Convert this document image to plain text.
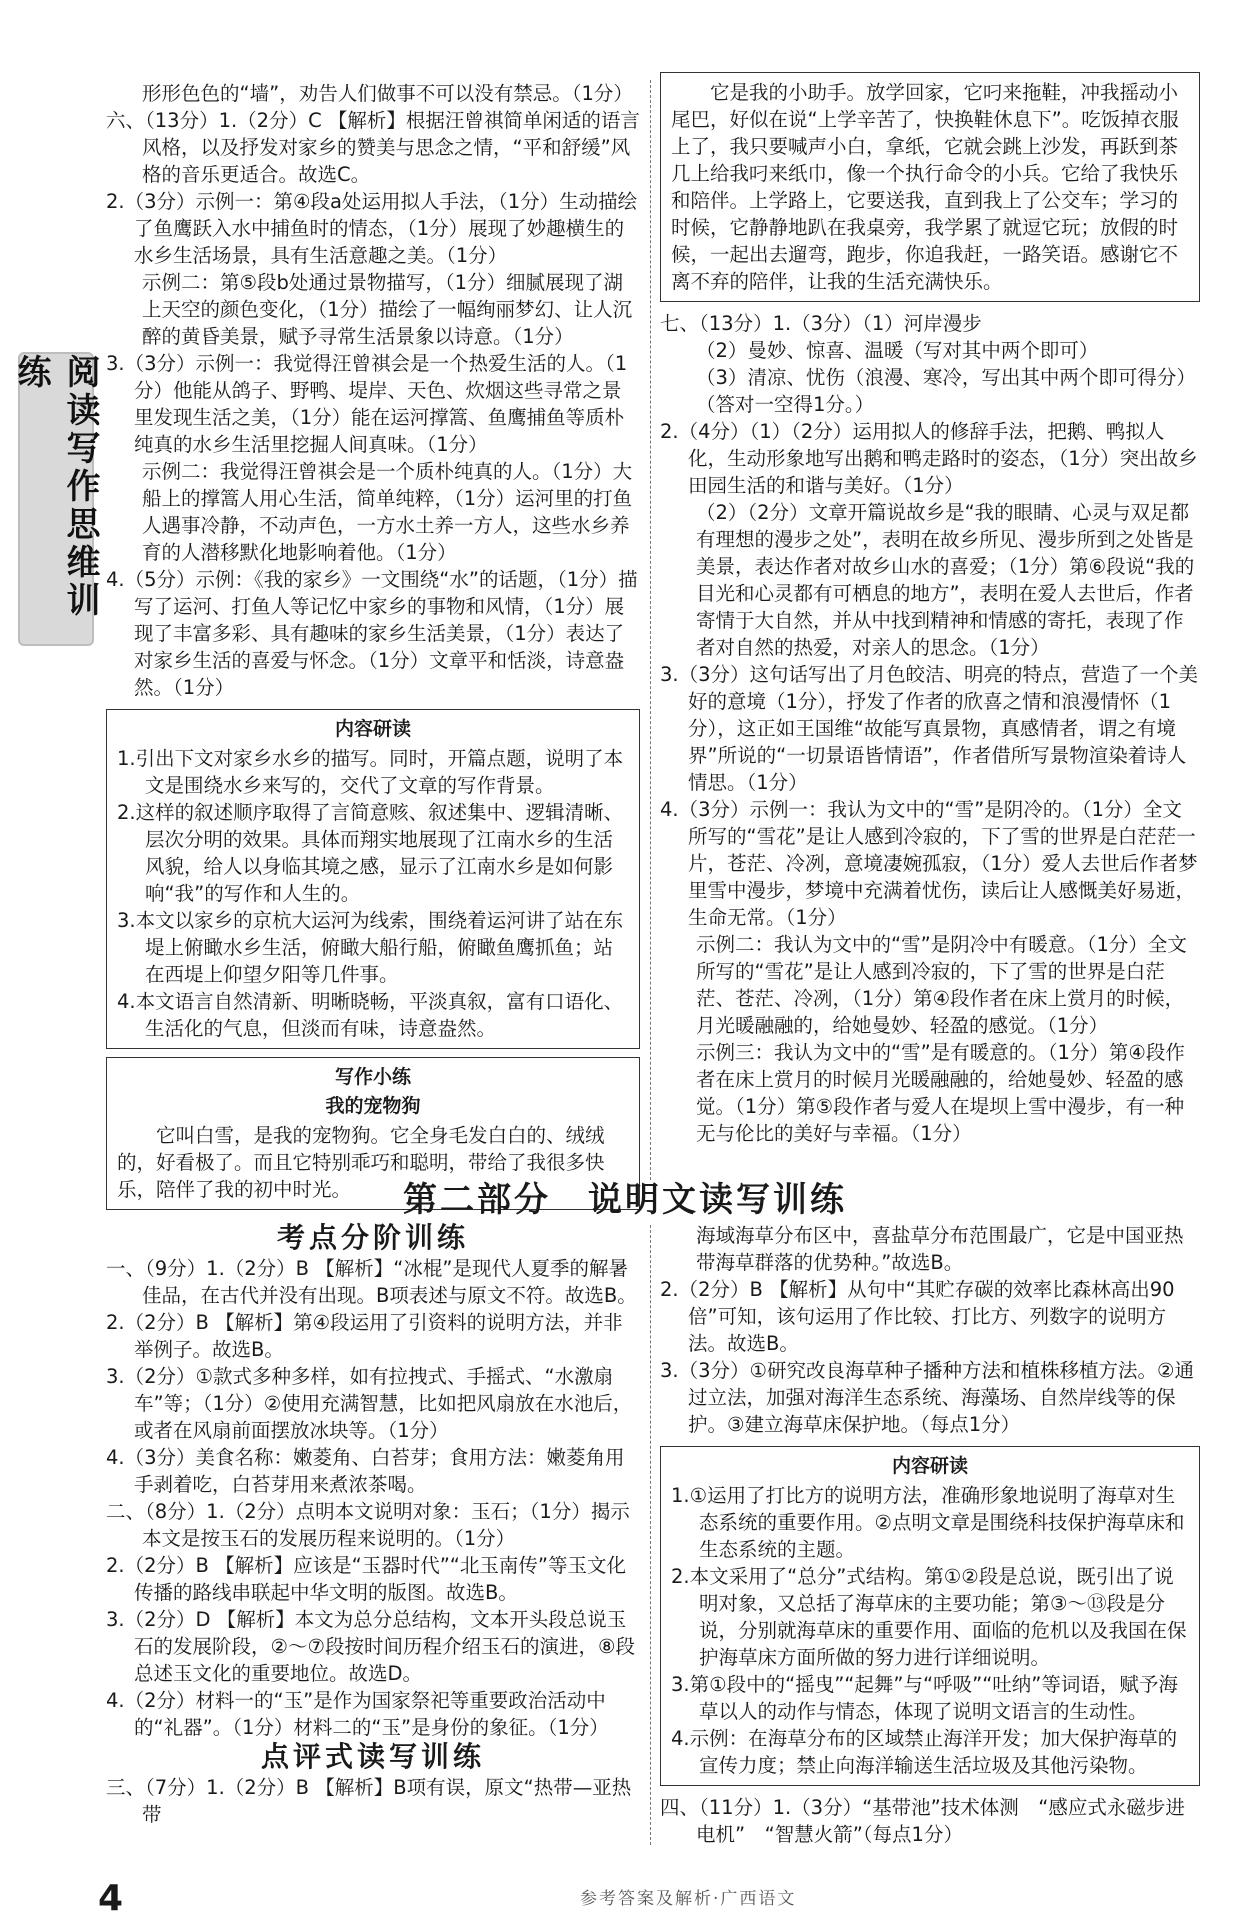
阅读写作思维训练

形形色色的“墙”，劝告人们做事不可以没有禁忌。（1分）

六、（13分）1.（2分）C 【解析】根据汪曾祺简单闲适的语言风格，以及抒发对家乡的赞美与思念之情，“平和舒缓”风格的音乐更适合。故选C。

2.（3分）示例一：第④段a处运用拟人手法，（1分）生动描绘了鱼鹰跃入水中捕鱼时的情态，（1分）展现了妙趣横生的水乡生活场景，具有生活意趣之美。（1分）

示例二：第⑤段b处通过景物描写，（1分）细腻展现了湖上天空的颜色变化，（1分）描绘了一幅绚丽梦幻、让人沉醉的黄昏美景，赋予寻常生活景象以诗意。（1分）

3.（3分）示例一：我觉得汪曾祺会是一个热爱生活的人。（1分）他能从鸽子、野鸭、堤岸、天色、炊烟这些寻常之景里发现生活之美，（1分）能在运河撑篙、鱼鹰捕鱼等质朴纯真的水乡生活里挖掘人间真味。（1分）

示例二：我觉得汪曾祺会是一个质朴纯真的人。（1分）大船上的撑篙人用心生活，简单纯粹，（1分）运河里的打鱼人遇事冷静，不动声色，一方水土养一方人，这些水乡养育的人潜移默化地影响着他。（1分）

4.（5分）示例：《我的家乡》一文围绕“水”的话题，（1分）描写了运河、打鱼人等记忆中家乡的事物和风情，（1分）展现了丰富多彩、具有趣味的家乡生活美景，（1分）表达了对家乡生活的喜爱与怀念。（1分）文章平和恬淡，诗意盎然。（1分）

内容研读

1.引出下文对家乡水乡的描写。同时，开篇点题，说明了本文是围绕水乡来写的，交代了文章的写作背景。

2.这样的叙述顺序取得了言简意赅、叙述集中、逻辑清晰、层次分明的效果。具体而翔实地展现了江南水乡的生活风貌，给人以身临其境之感，显示了江南水乡是如何影响“我”的写作和人生的。

3.本文以家乡的京杭大运河为线索，围绕着运河讲了站在东堤上俯瞰水乡生活，俯瞰大船行船，俯瞰鱼鹰抓鱼；站在西堤上仰望夕阳等几件事。

4.本文语言自然清新、明晰晓畅，平淡真叙，富有口语化、生活化的气息，但淡而有味，诗意盎然。

写作小练
我的宠物狗

它叫白雪，是我的宠物狗。它全身毛发白白的、绒绒的，好看极了。而且它特别乖巧和聪明，带给了我很多快乐，陪伴了我的初中时光。

它是我的小助手。放学回家，它叼来拖鞋，冲我摇动小尾巴，好似在说“上学辛苦了，快换鞋休息下”。吃饭掉衣服上了，我只要喊声小白，拿纸，它就会跳上沙发，再跃到茶几上给我叼来纸巾，像一个执行命令的小兵。它给了我快乐和陪伴。上学路上，它要送我，直到我上了公交车；学习的时候，它静静地趴在我桌旁，我学累了就逗它玩；放假的时候，一起出去遛弯，跑步，你追我赶，一路笑语。感谢它不离不弃的陪伴，让我的生活充满快乐。

七、（13分）1.（3分）（1）河岸漫步

（2）曼妙、惊喜、温暖（写对其中两个即可）

（3）清凉、忧伤（浪漫、寒冷，写出其中两个即可得分）（答对一空得1分。）

2.（4分）（1）（2分）运用拟人的修辞手法，把鹅、鸭拟人化，生动形象地写出鹅和鸭走路时的姿态，（1分）突出故乡田园生活的和谐与美好。（1分）

（2）（2分）文章开篇说故乡是“我的眼睛、心灵与双足都有理想的漫步之处”，表明在故乡所见、漫步所到之处皆是美景，表达作者对故乡山水的喜爱；（1分）第⑥段说“我的目光和心灵都有可栖息的地方”，表明在爱人去世后，作者寄情于大自然，并从中找到精神和情感的寄托，表现了作者对自然的热爱，对亲人的思念。（1分）

3.（3分）这句话写出了月色皎洁、明亮的特点，营造了一个美好的意境（1分），抒发了作者的欣喜之情和浪漫情怀（1分），这正如王国维“故能写真景物，真感情者，谓之有境界”所说的“一切景语皆情语”，作者借所写景物渲染着诗人情思。（1分）

4.（3分）示例一：我认为文中的“雪”是阴冷的。（1分）全文所写的“雪花”是让人感到冷寂的，下了雪的世界是白茫茫一片，苍茫、冷冽，意境凄婉孤寂，（1分）爱人去世后作者梦里雪中漫步，梦境中充满着忧伤，读后让人感慨美好易逝，生命无常。（1分）

示例二：我认为文中的“雪”是阴冷中有暖意。（1分）全文所写的“雪花”是让人感到冷寂的，下了雪的世界是白茫茫、苍茫、冷冽，（1分）第④段作者在床上赏月的时候，月光暖融融的，给她曼妙、轻盈的感觉。（1分）

示例三：我认为文中的“雪”是有暖意的。（1分）第④段作者在床上赏月的时候月光暖融融的，给她曼妙、轻盈的感觉。（1分）第⑤段作者与爱人在堤坝上雪中漫步，有一种无与伦比的美好与幸福。（1分）

第二部分　说明文读写训练
考点分阶训练

一、（9分）1.（2分）B 【解析】“冰棍”是现代人夏季的解暑佳品，在古代并没有出现。B项表述与原文不符。故选B。

2.（2分）B 【解析】第④段运用了引资料的说明方法，并非举例子。故选B。

3.（2分）①款式多种多样，如有拉拽式、手摇式、“水激扇车”等；（1分）②使用充满智慧，比如把风扇放在水池后，或者在风扇前面摆放冰块等。（1分）

4.（3分）美食名称：嫩菱角、白苔芽；食用方法：嫩菱角用手剥着吃，白苔芽用来煮浓茶喝。

二、（8分）1.（2分）点明本文说明对象：玉石；（1分）揭示本文是按玉石的发展历程来说明的。（1分）

2.（2分）B 【解析】应该是“玉器时代”“北玉南传”等玉文化传播的路线串联起中华文明的版图。故选B。

3.（2分）D 【解析】本文为总分总结构，文本开头段总说玉石的发展阶段，②～⑦段按时间历程介绍玉石的演进，⑧段总述玉文化的重要地位。故选D。

4.（2分）材料一的“玉”是作为国家祭祀等重要政治活动中的“礼器”。（1分）材料二的“玉”是身份的象征。（1分）

点评式读写训练

三、（7分）1.（2分）B 【解析】B项有误，原文“热带—亚热带

海域海草分布区中，喜盐草分布范围最广，它是中国亚热带海草群落的优势种。”故选B。

2.（2分）B 【解析】从句中“其贮存碳的效率比森林高出90倍”可知，该句运用了作比较、打比方、列数字的说明方法。故选B。

3.（3分）①研究改良海草种子播种方法和植株移植方法。②通过立法，加强对海洋生态系统、海藻场、自然岸线等的保护。③建立海草床保护地。（每点1分）

内容研读

1.①运用了打比方的说明方法，准确形象地说明了海草对生态系统的重要作用。②点明文章是围绕科技保护海草床和生态系统的主题。

2.本文采用了“总分”式结构。第①②段是总说，既引出了说明对象，又总括了海草床的主要功能；第③～⑬段是分说，分别就海草床的重要作用、面临的危机以及我国在保护海草床方面所做的努力进行详细说明。

3.第①段中的“摇曳”“起舞”与“呼吸”“吐纳”等词语，赋予海草以人的动作与情态，体现了说明文语言的生动性。

4.示例：在海草分布的区域禁止海洋开发；加大保护海草的宣传力度；禁止向海洋输送生活垃圾及其他污染物。

四、（11分）1.（3分）“基带池”技术体测　“感应式永磁步进电机”　“智慧火箭”（每点1分）

4	参考答案及解析·广西语文
